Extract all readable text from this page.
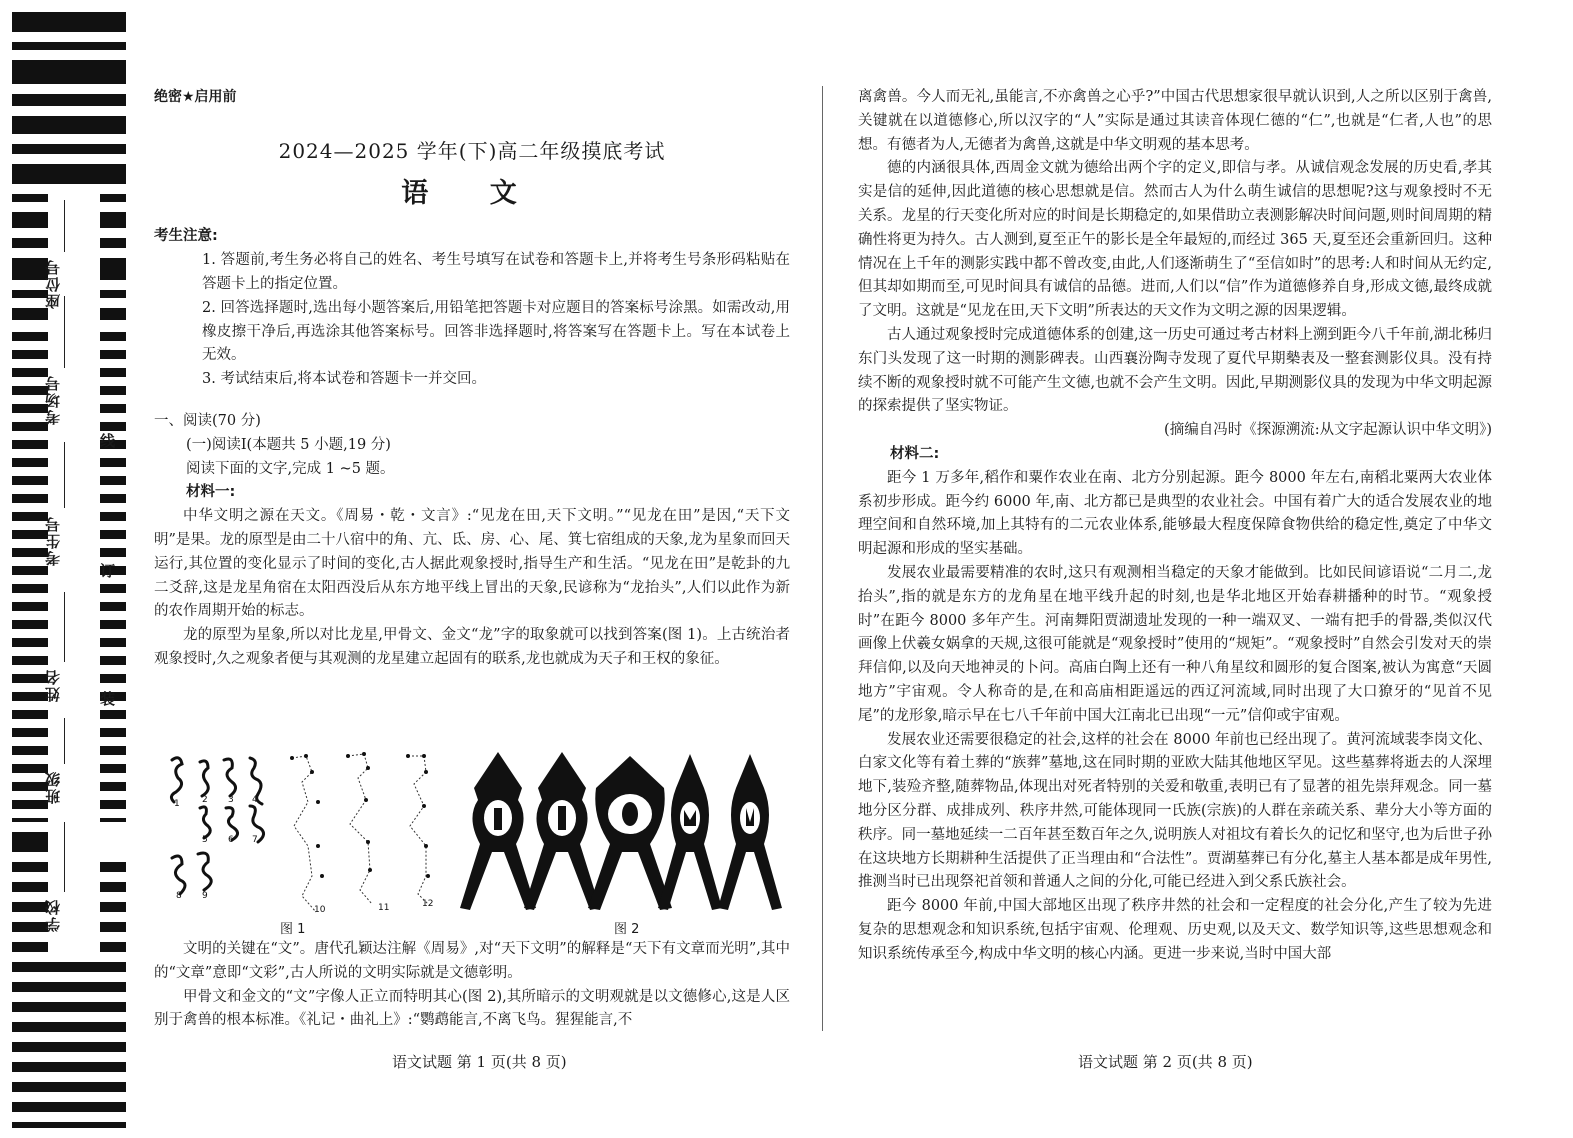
座位号
考场号
考生号
姓名
班级
学校
线
订
装
绝密★启用前
2024—2025 学年(下)高二年级摸底考试
语 文
考生注意:

1. 答题前,考生务必将自己的姓名、考生号填写在试卷和答题卡上,并将考生号条形码粘贴在答题卡上的指定位置。

2. 回答选择题时,选出每小题答案后,用铅笔把答题卡对应题目的答案标号涂黑。如需改动,用橡皮擦干净后,再选涂其他答案标号。回答非选择题时,将答案写在答题卡上。写在本试卷上无效。

3. 考试结束后,将本试卷和答题卡一并交回。

一、阅读(70 分)
(一)阅读Ⅰ(本题共 5 小题,19 分)
阅读下面的文字,完成 1 ~5 题。
材料一:

中华文明之源在天文。《周易・乾・文言》:“见龙在田,天下文明。”“见龙在田”是因,“天下文明”是果。龙的原型是由二十八宿中的角、亢、氐、房、心、尾、箕七宿组成的天象,龙为星象而回天运行,其位置的变化显示了时间的变化,古人据此观象授时,指导生产和生活。“见龙在田”是乾卦的九二爻辞,这是龙星角宿在太阳西没后从东方地平线上冒出的天象,民谚称为“龙抬头”,人们以此作为新的农作周期开始的标志。

龙的原型为星象,所以对比龙星,甲骨文、金文“龙”字的取象就可以找到答案(图 1)。上古统治者观象授时,久之观象者便与其观测的龙星建立起固有的联系,龙也就成为天子和王权的象征。

1 2 3 4
5 6 7
8 9
10	11	12
图 1	图 2

文明的关键在“文”。唐代孔颖达注解《周易》,对“天下文明”的解释是“天下有文章而光明”,其中的“文章”意即“文彩”,古人所说的文明实际就是文德彰明。

甲骨文和金文的“文”字像人正立而特明其心(图 2),其所暗示的文明观就是以文德修心,这是人区别于禽兽的根本标准。《礼记・曲礼上》:“鹦鹉能言,不离飞鸟。猩猩能言,不

语文试题 第 1 页(共 8 页)

离禽兽。今人而无礼,虽能言,不亦禽兽之心乎?”中国古代思想家很早就认识到,人之所以区别于禽兽,关键就在以道德修心,所以汉字的“人”实际是通过其读音体现仁德的“仁”,也就是“仁者,人也”的思想。有德者为人,无德者为禽兽,这就是中华文明观的基本思考。

德的内涵很具体,西周金文就为德给出两个字的定义,即信与孝。从诚信观念发展的历史看,孝其实是信的延伸,因此道德的核心思想就是信。然而古人为什么萌生诚信的思想呢?这与观象授时不无关系。龙星的行天变化所对应的时间是长期稳定的,如果借助立表测影解决时间问题,则时间周期的精确性将更为持久。古人测到,夏至正午的影长是全年最短的,而经过 365 天,夏至还会重新回归。这种情况在上千年的测影实践中都不曾改变,由此,人们逐渐萌生了“至信如时”的思考:人和时间从无约定,但其却如期而至,可见时间具有诚信的品德。进而,人们以“信”作为道德修养自身,形成文德,最终成就了文明。这就是“见龙在田,天下文明”所表达的天文作为文明之源的因果逻辑。

古人通过观象授时完成道德体系的创建,这一历史可通过考古材料上溯到距今八千年前,湖北秭归东门头发现了这一时期的测影碑表。山西襄汾陶寺发现了夏代早期槷表及一整套测影仪具。没有持续不断的观象授时就不可能产生文德,也就不会产生文明。因此,早期测影仪具的发现为中华文明起源的探索提供了坚实物证。

(摘编自冯时《探源溯流:从文字起源认识中华文明》)
材料二:

距今 1 万多年,稻作和粟作农业在南、北方分别起源。距今 8000 年左右,南稻北粟两大农业体系初步形成。距今约 6000 年,南、北方都已是典型的农业社会。中国有着广大的适合发展农业的地理空间和自然环境,加上其特有的二元农业体系,能够最大程度保障食物供给的稳定性,奠定了中华文明起源和形成的坚实基础。

发展农业最需要精准的农时,这只有观测相当稳定的天象才能做到。比如民间谚语说“二月二,龙抬头”,指的就是东方的龙角星在地平线升起的时刻,也是华北地区开始春耕播种的时节。“观象授时”在距今 8000 多年产生。河南舞阳贾湖遗址发现的一种一端双叉、一端有把手的骨器,类似汉代画像上伏羲女娲拿的天规,这很可能就是“观象授时”使用的“规矩”。“观象授时”自然会引发对天的崇拜信仰,以及向天地神灵的卜问。高庙白陶上还有一种八角星纹和圆形的复合图案,被认为寓意“天圆地方”宇宙观。令人称奇的是,在和高庙相距遥远的西辽河流域,同时出现了大口獠牙的“见首不见尾”的龙形象,暗示早在七八千年前中国大江南北已出现“一元”信仰或宇宙观。

发展农业还需要很稳定的社会,这样的社会在 8000 年前也已经出现了。黄河流域裴李岗文化、白家文化等有着土葬的“族葬”墓地,这在同时期的亚欧大陆其他地区罕见。这些墓葬将逝去的人深埋地下,装殓齐整,随葬物品,体现出对死者特别的关爱和敬重,表明已有了显著的祖先崇拜观念。同一墓地分区分群、成排成列、秩序井然,可能体现同一氏族(宗族)的人群在亲疏关系、辈分大小等方面的秩序。同一墓地延续一二百年甚至数百年之久,说明族人对祖坟有着长久的记忆和坚守,也为后世子孙在这块地方长期耕种生活提供了正当理由和“合法性”。贾湖墓葬已有分化,墓主人基本都是成年男性,推测当时已出现祭祀首领和普通人之间的分化,可能已经进入到父系氏族社会。

距今 8000 年前,中国大部地区出现了秩序井然的社会和一定程度的社会分化,产生了较为先进复杂的思想观念和知识系统,包括宇宙观、伦理观、历史观,以及天文、数学知识等,这些思想观念和知识系统传承至今,构成中华文明的核心内涵。更进一步来说,当时中国大部

语文试题 第 2 页(共 8 页)
